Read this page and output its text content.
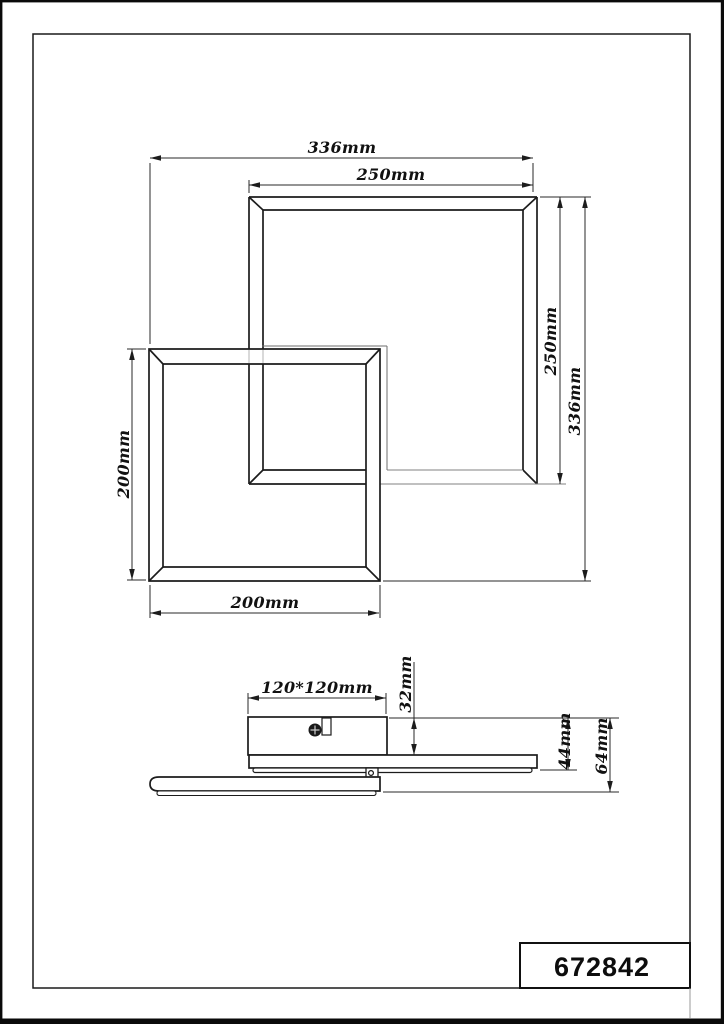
336mm
250mm
250mm
336mm
200mm
200mm
120*120mm 32mm
44mm 64mm
672842
